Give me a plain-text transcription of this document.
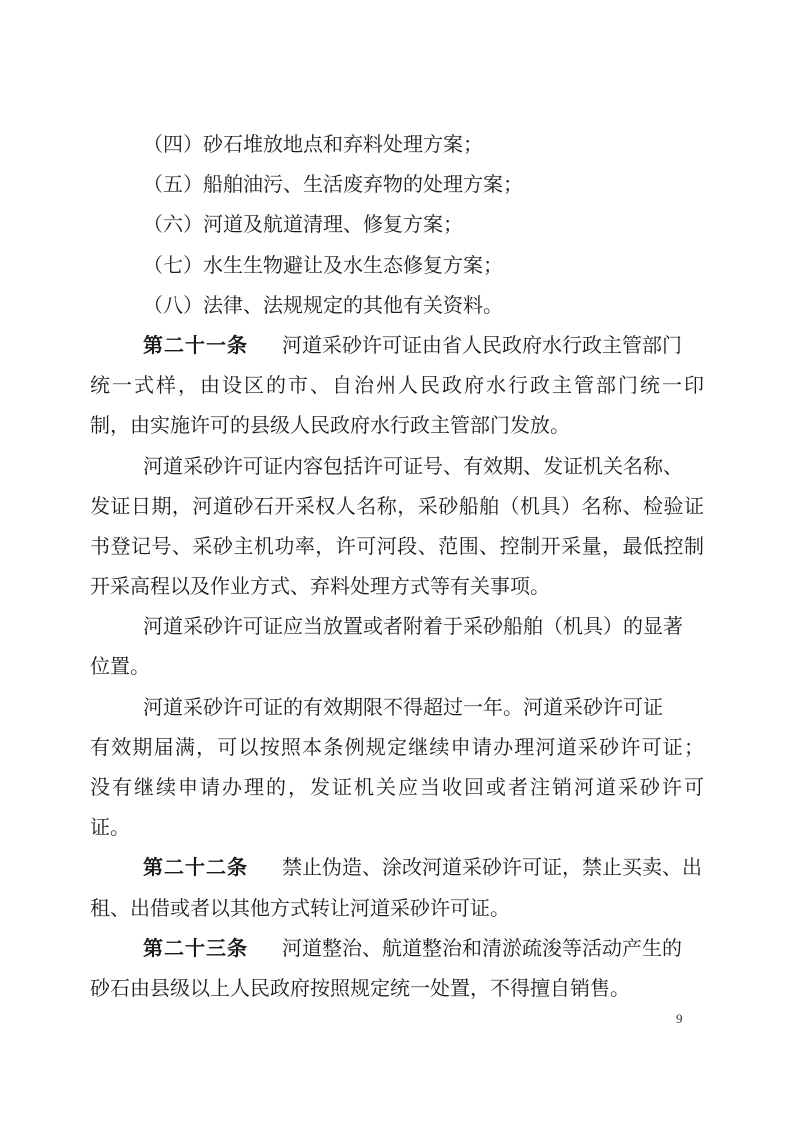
（四）砂石堆放地点和弃料处理方案；
（五）船舶油污、生活废弃物的处理方案；
（六）河道及航道清理、修复方案；
（七）水生生物避让及水生态修复方案；
（八）法律、法规规定的其他有关资料。
第二十一条 河道采砂许可证由省人民政府水行政主管部门
统一式样，由设区的市、自治州人民政府水行政主管部门统一印
制，由实施许可的县级人民政府水行政主管部门发放。
河道采砂许可证内容包括许可证号、有效期、发证机关名称、
发证日期，河道砂石开采权人名称，采砂船舶（机具）名称、检验证
书登记号、采砂主机功率，许可河段、范围、控制开采量，最低控制
开采高程以及作业方式、弃料处理方式等有关事项。
河道采砂许可证应当放置或者附着于采砂船舶（机具）的显著
位置。
河道采砂许可证的有效期限不得超过一年。河道采砂许可证
有效期届满，可以按照本条例规定继续申请办理河道采砂许可证；
没有继续申请办理的，发证机关应当收回或者注销河道采砂许可
证。
第二十二条 禁止伪造、涂改河道采砂许可证，禁止买卖、出
租、出借或者以其他方式转让河道采砂许可证。
第二十三条 河道整治、航道整治和清淤疏浚等活动产生的
砂石由县级以上人民政府按照规定统一处置，不得擅自销售。
9
